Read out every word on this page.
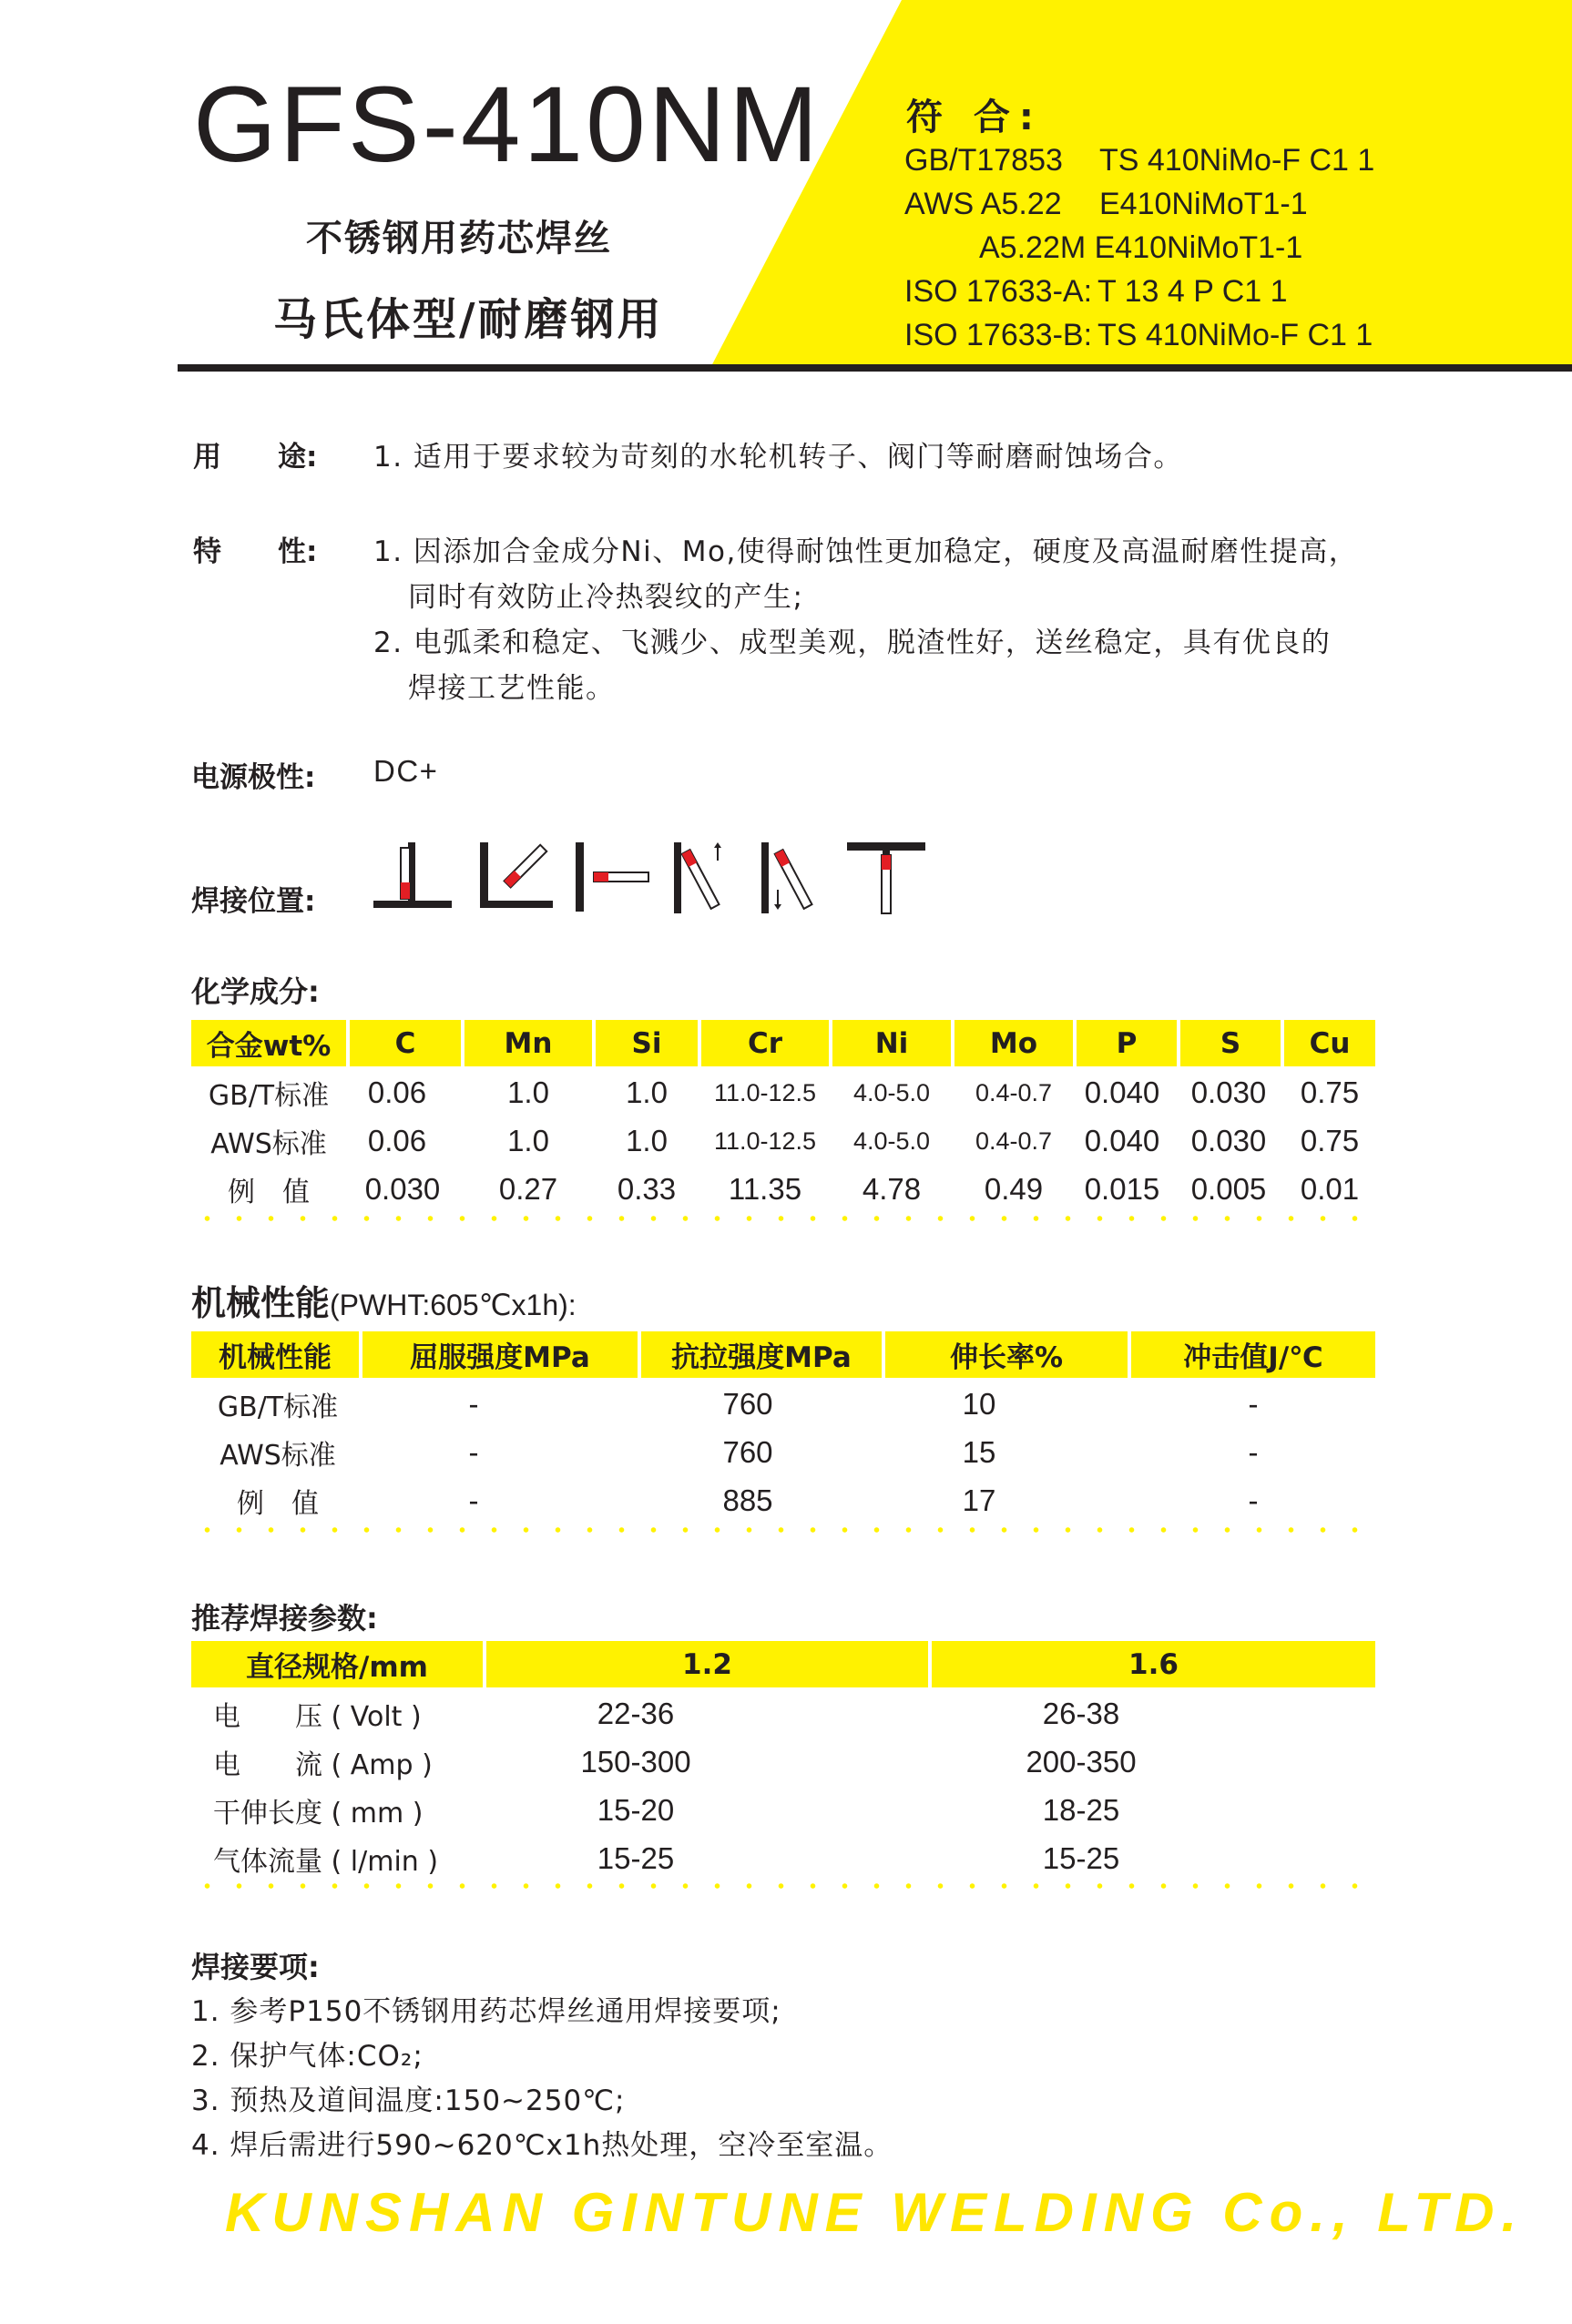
GFS-410NM
不锈钢用药芯焊丝
马氏体型/耐磨钢用
符 合:
GB/T17853 TS 410NiMo-F C1 1
AWS A5.22 E410NiMoT1-1
A5.22M E410NiMoT1-1
ISO 17633-A: T 13 4 P C1 1
ISO 17633-B: TS 410NiMo-F C1 1
用　　途: 1. 适用于要求较为苛刻的水轮机转子、阀门等耐磨耐蚀场合。
特　　性: 1. 因添加合金成分Ni、Mo,使得耐蚀性更加稳定，硬度及高温耐磨性提高，
同时有效防止冷热裂纹的产生;
2. 电弧柔和稳定、飞溅少、成型美观，脱渣性好，送丝稳定，具有优良的
焊接工艺性能。
电源极性: DC+
焊接位置:
化学成分:
合金wt%	C	Mn	Si	Cr	Ni	Mo	P	S	Cu
GB/T标准	0.06	1.0	1.0	11.0-12.5	4.0-5.0	0.4-0.7	0.040	0.030	0.75
AWS标准	0.06	1.0	1.0	11.0-12.5	4.0-5.0	0.4-0.7	0.040	0.030	0.75
例　值	0.030	0.27	0.33	11.35	4.78	0.49	0.015	0.005	0.01
机械性能(PWHT:605℃x1h):
机械性能	屈服强度MPa	抗拉强度MPa	伸长率%	冲击值J/℃
GB/T标准	-	760	10	-
AWS标准	-	760	15	-
例　值	-	885	17	-
推荐焊接参数:
直径规格/mm	1.2	1.6
电　　压 ( Volt )	22-36	26-38
电　　流 ( Amp )	150-300	200-350
干伸长度 ( mm )	15-20	18-25
气体流量 ( l/min )	15-25	15-25
焊接要项:
1. 参考P150不锈钢用药芯焊丝通用焊接要项;
2. 保护气体:CO₂;
3. 预热及道间温度:150~250℃;
4. 焊后需进行590~620℃x1h热处理，空冷至室温。
KUNSHAN GINTUNE WELDING Co., LTD.
